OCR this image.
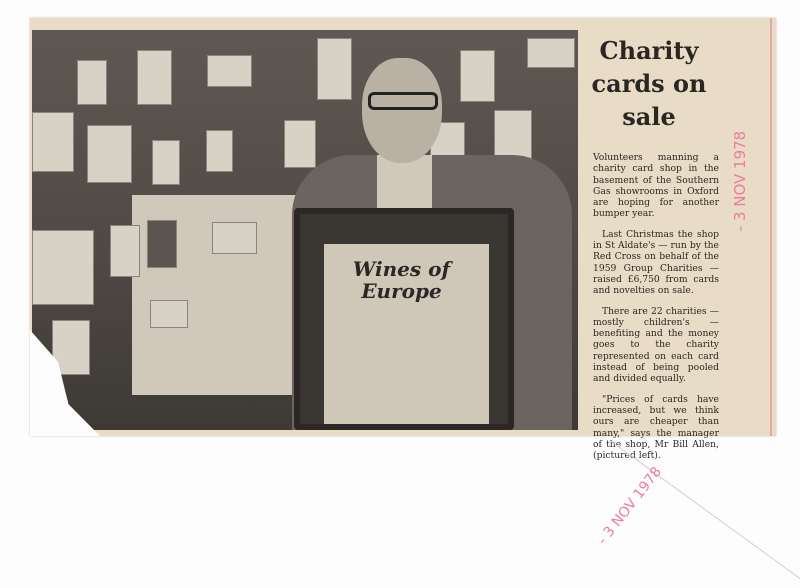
Wines of Europe
Charity cards on sale

Volunteers manning a charity card shop in the basement of the Southern Gas showrooms in Oxford are hoping for another bumper year.

Last Christmas the shop in St Aldate's — run by the Red Cross on behalf of the 1959 Group Charities — raised £6,750 from cards and novelties on sale.

There are 22 charities — mostly children's — benefiting and the money goes to the charity represented on each card instead of being pooled and divided equally.

"Prices of cards have increased, but we think ours are cheaper than many," says the manager of the shop, Mr Bill Allen, (pictured left).

- 3 NOV 1978
- 3 NOV 1978
